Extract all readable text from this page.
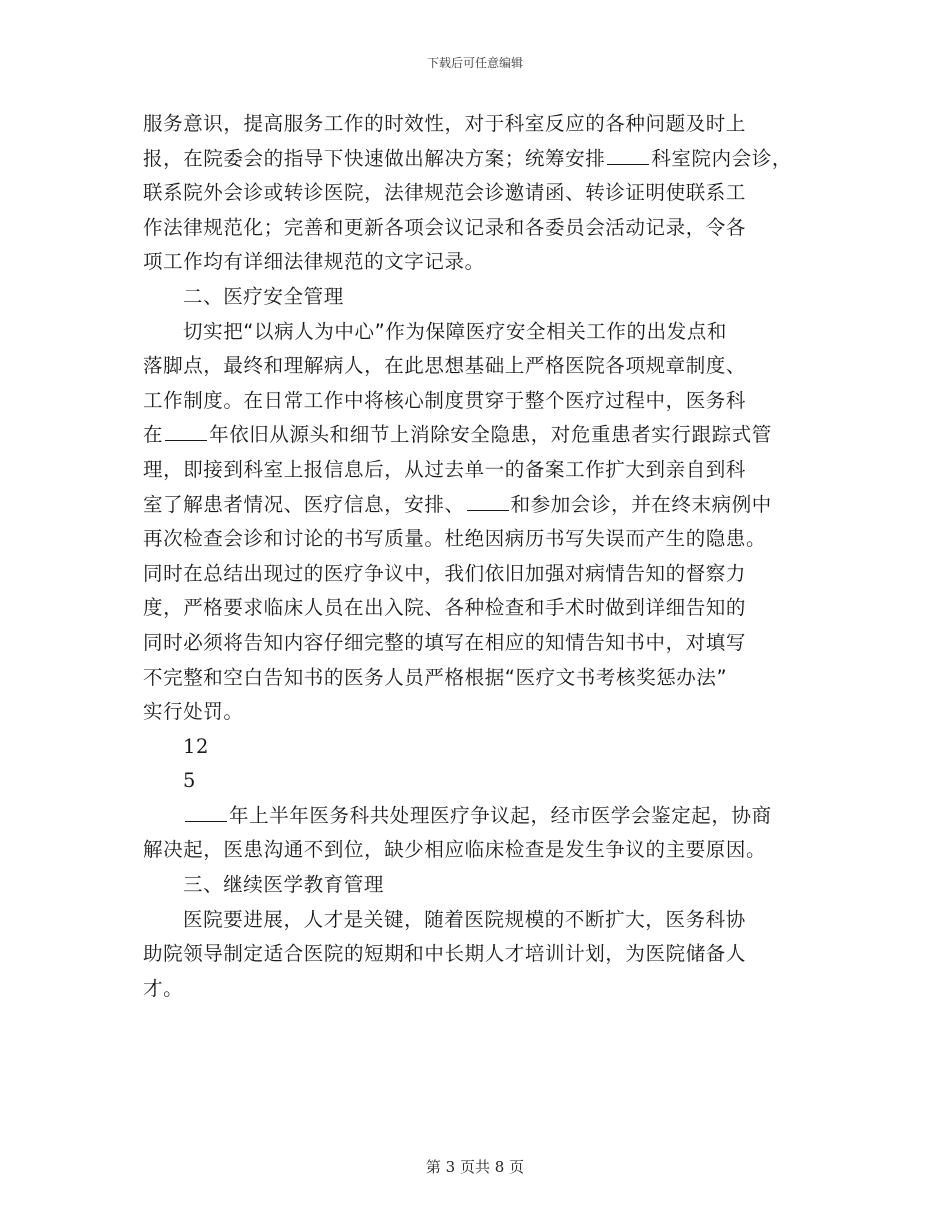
下载后可任意编辑
服务意识，提高服务工作的时效性，对于科室反应的各种问题及时上
报，在院委会的指导下快速做出解决方案；统筹安排 科室院内会诊，
联系院外会诊或转诊医院，法律规范会诊邀请函、转诊证明使联系工
作法律规范化；完善和更新各项会议记录和各委员会活动记录，令各
项工作均有详细法律规范的文字记录。
二、医疗安全管理
切实把“以病人为中心”作为保障医疗安全相关工作的出发点和
落脚点，最终和理解病人，在此思想基础上严格医院各项规章制度、
工作制度。在日常工作中将核心制度贯穿于整个医疗过程中，医务科
在 年依旧从源头和细节上消除安全隐患，对危重患者实行跟踪式管
理，即接到科室上报信息后，从过去单一的备案工作扩大到亲自到科
室了解患者情况、医疗信息，安排、 和参加会诊，并在终末病例中
再次检查会诊和讨论的书写质量。杜绝因病历书写失误而产生的隐患。
同时在总结出现过的医疗争议中，我们依旧加强对病情告知的督察力
度，严格要求临床人员在出入院、各种检查和手术时做到详细告知的
同时必须将告知内容仔细完整的填写在相应的知情告知书中，对填写
不完整和空白告知书的医务人员严格根据“医疗文书考核奖惩办法”
实行处罚。
12
5
年上半年医务科共处理医疗争议起，经市医学会鉴定起，协商
解决起，医患沟通不到位，缺少相应临床检查是发生争议的主要原因。
三、继续医学教育管理
医院要进展，人才是关键，随着医院规模的不断扩大，医务科协
助院领导制定适合医院的短期和中长期人才培训计划，为医院储备人
才。
第 3 页共 8 页
